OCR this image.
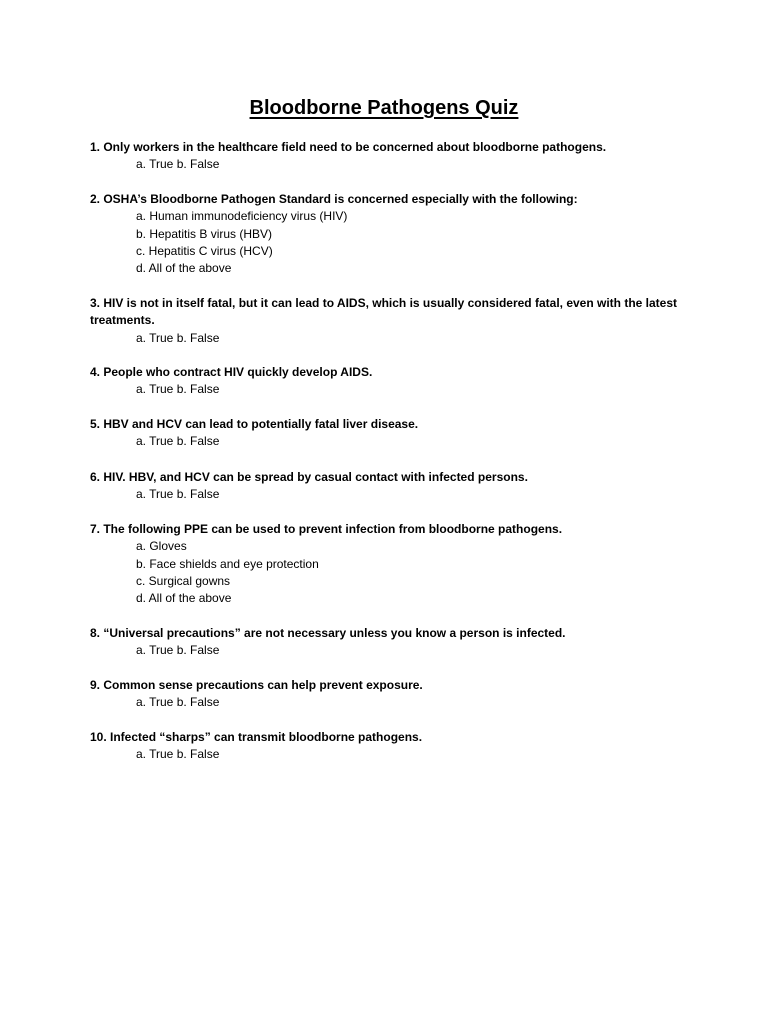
Bloodborne Pathogens Quiz
1. Only workers in the healthcare field need to be concerned about bloodborne pathogens.
a. True b. False
2. OSHA’s Bloodborne Pathogen Standard is concerned especially with the following:
a. Human immunodeficiency virus (HIV)
b. Hepatitis B virus (HBV)
c. Hepatitis C virus (HCV)
d. All of the above
3. HIV is not in itself fatal, but it can lead to AIDS, which is usually considered fatal, even with the latest treatments.
a. True b. False
4. People who contract HIV quickly develop AIDS.
a. True b. False
5. HBV and HCV can lead to potentially fatal liver disease.
a. True b. False
6. HIV. HBV, and HCV can be spread by casual contact with infected persons.
a. True b. False
7. The following PPE can be used to prevent infection from bloodborne pathogens.
a. Gloves
b. Face shields and eye protection
c. Surgical gowns
d. All of the above
8. “Universal precautions” are not necessary unless you know a person is infected.
a. True b. False
9. Common sense precautions can help prevent exposure.
a. True b. False
10. Infected “sharps” can transmit bloodborne pathogens.
a. True b. False
